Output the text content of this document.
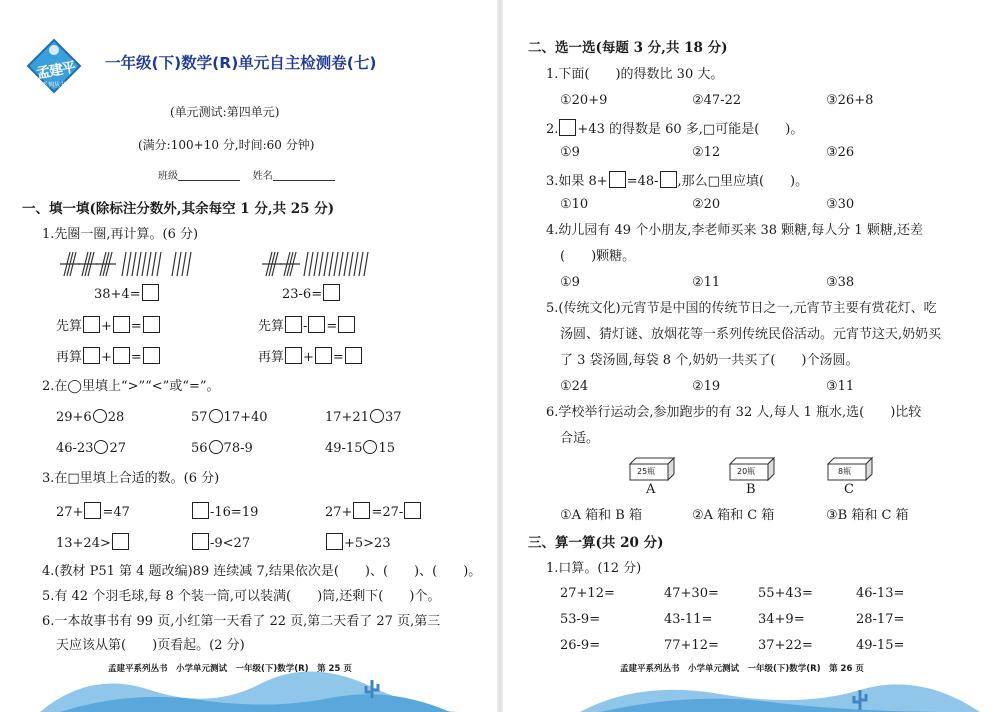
孟建平
系列丛书
一年级(下)数学(R)单元自主检测卷(七)
(单元测试:第四单元)
(满分:100+10 分,时间:60 分钟)
班级	姓名
一、填一填(除标注分数外,其余每空 1 分,共 25 分)
1.先圈一圈,再计算。(6 分)
38+4=	23-6=
先算 + =	先算 - =
再算 + =	再算 + =
2.在◯里填上“>”“<”或“=”。
29+6 28	57 17+40	17+21 37
46-23 27	56 78-9	49-15 15
3.在□里填上合适的数。(6 分)
27+ =47	-16=19	27+ =27-
13+24>	-9<27	+5>23
4.(教材 P51 第 4 题改编)89 连续减 7,结果依次是(　　)、(　　)、(　　)。
5.有 42 个羽毛球,每 8 个装一筒,可以装满(　　)筒,还剩下(　　)个。
6.一本故事书有 99 页,小红第一天看了 22 页,第二天看了 27 页,第三
天应该从第(　　)页看起。(2 分)
孟建平系列丛书　小学单元测试　一年级(下)数学(R)　第 25 页
二、选一选(每题 3 分,共 18 分)
1.下面(　　)的得数比 30 大。
①20+9	②47-22	③26+8
2. +43 的得数是 60 多,□可能是(　　)。
①9	②12	③26
3.如果 8+ =48- ,那么□里应填(　　)。
①10	②20	③30
4.幼儿园有 49 个小朋友,李老师买来 38 颗糖,每人分 1 颗糖,还差
(　　)颗糖。
①9	②11	③38
5.(传统文化)元宵节是中国的传统节日之一,元宵节主要有赏花灯、吃
汤圆、猜灯谜、放烟花等一系列传统民俗活动。元宵节这天,奶奶买
了 3 袋汤圆,每袋 8 个,奶奶一共买了(　　)个汤圆。
①24	②19	③11
6.学校举行运动会,参加跑步的有 32 人,每人 1 瓶水,选(　　)比较
合适。
25瓶
A
20瓶
B
8瓶
C
①A 箱和 B 箱	②A 箱和 C 箱	③B 箱和 C 箱
三、算一算(共 20 分)
1.口算。(12 分)
27+12=	47+30=	55+43=	46-13=
53-9=	43-11=	34+9=	28-17=
26-9=	77+12=	37+22=	49-15=
孟建平系列丛书　小学单元测试　一年级(下)数学(R)　第 26 页
